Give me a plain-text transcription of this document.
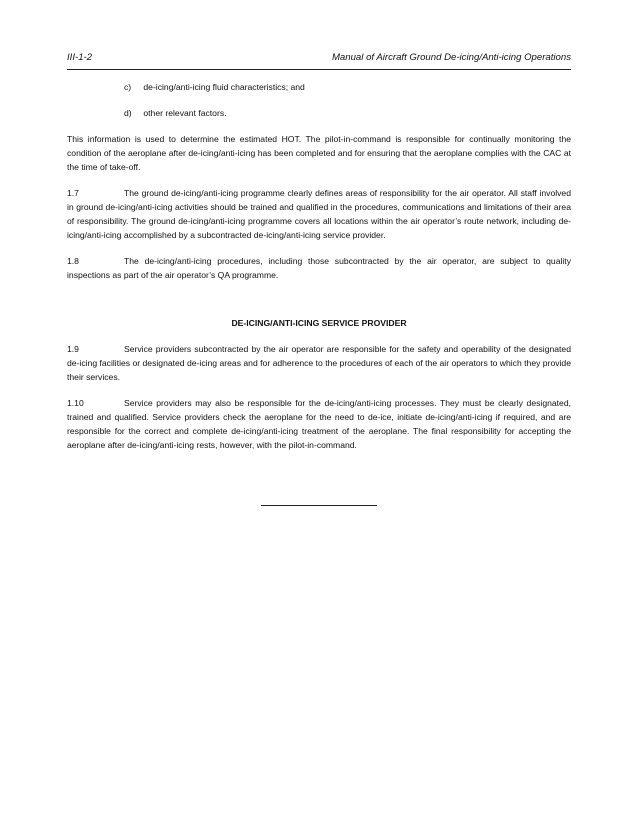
III-1-2	Manual of Aircraft Ground De-icing/Anti-icing Operations
c) de-icing/anti-icing fluid characteristics; and
d) other relevant factors.

This information is used to determine the estimated HOT. The pilot-in-command is responsible for continually monitoring the condition of the aeroplane after de-icing/anti-icing has been completed and for ensuring that the aeroplane complies with the CAC at the time of take-off.

1.7	The ground de-icing/anti-icing programme clearly defines areas of responsibility for the air operator. All staff involved in ground de-icing/anti-icing activities should be trained and qualified in the procedures, communications and limitations of their area of responsibility. The ground de-icing/anti-icing programme covers all locations within the air operator’s route network, including de-icing/anti-icing accomplished by a subcontracted de-icing/anti-icing service provider.

1.8	The de-icing/anti-icing procedures, including those subcontracted by the air operator, are subject to quality inspections as part of the air operator’s QA programme.

DE-ICING/ANTI-ICING SERVICE PROVIDER

1.9	Service providers subcontracted by the air operator are responsible for the safety and operability of the designated de-icing facilities or designated de-icing areas and for adherence to the procedures of each of the air operators to which they provide their services.

1.10	Service providers may also be responsible for the de-icing/anti-icing processes. They must be clearly designated, trained and qualified. Service providers check the aeroplane for the need to de-ice, initiate de-icing/anti-icing if required, and are responsible for the correct and complete de-icing/anti-icing treatment of the aeroplane. The final responsibility for accepting the aeroplane after de-icing/anti-icing rests, however, with the pilot-in-command.
